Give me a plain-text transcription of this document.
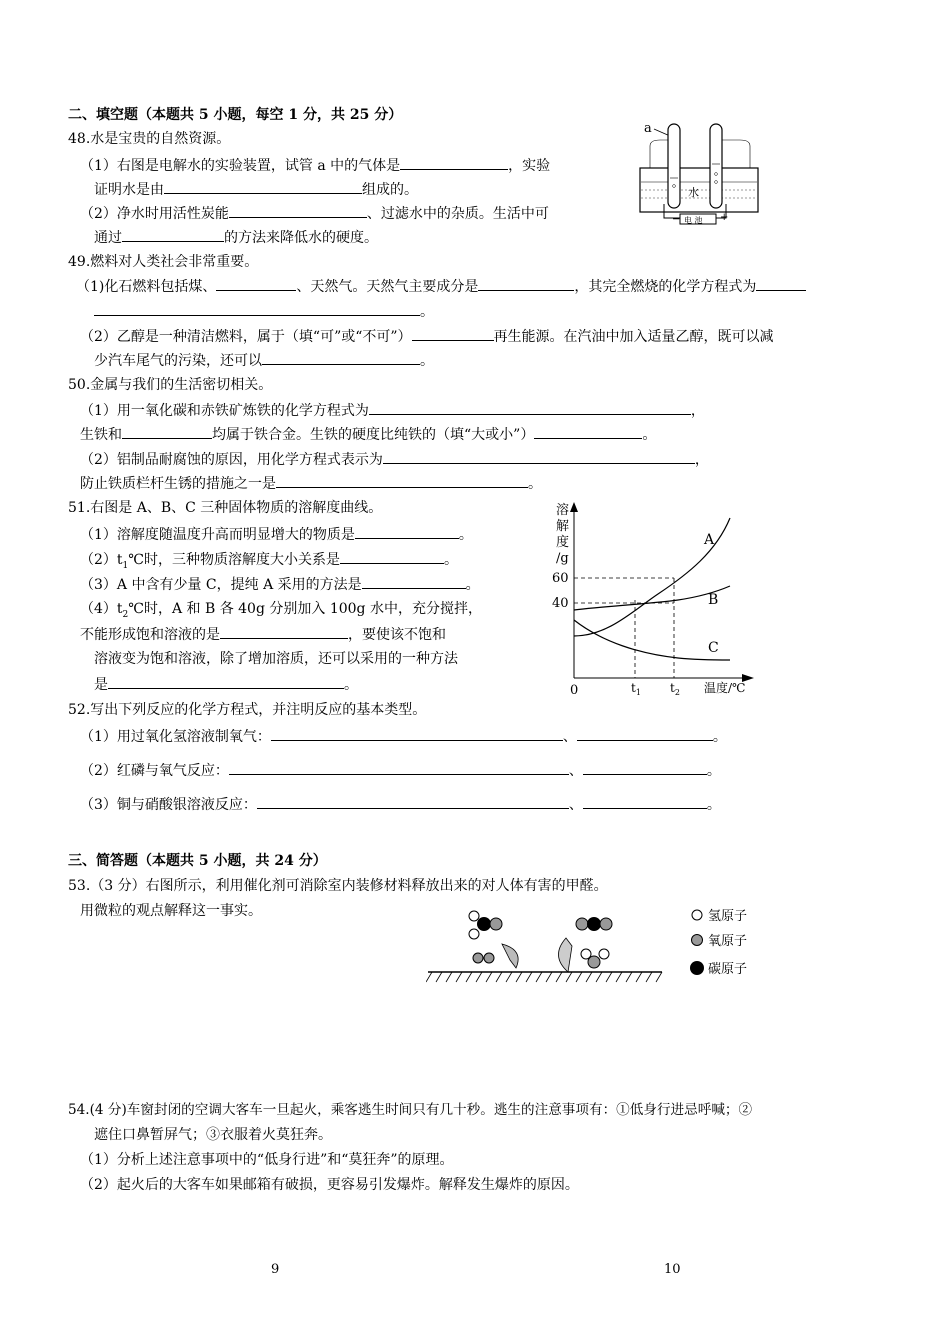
二、填空题（本题共 5 小题，每空 1 分，共 25 分）
48.水是宝贵的自然资源。
（1）右图是电解水的实验装置，试管 a 中的气体是	，实验
证明水是由	组成的。
（2）净水时用活性炭能	、过滤水中的杂质。生活中可
通过	的方法来降低水的硬度。
a
水
电 池
−	+
49.燃料对人类社会非常重要。
（1)化石燃料包括煤、	、天然气。天然气主要成分是	，其完全燃烧的化学方程式为
。
（2）乙醇是一种清洁燃料，属于（填“可”或“不可”）	再生能源。在汽油中加入适量乙醇，既可以减
少汽车尾气的污染，还可以	。
50.金属与我们的生活密切相关。
（1）用一氧化碳和赤铁矿炼铁的化学方程式为	，
生铁和	均属于铁合金。生铁的硬度比纯铁的（填“大或小”）	。
（2）铝制品耐腐蚀的原因，用化学方程式表示为	，
防止铁质栏杆生锈的措施之一是	。
51.右图是 A、B、C 三种固体物质的溶解度曲线。
（1）溶解度随温度升高而明显增大的物质是	。
$(2)t_1℃$时，三种物质溶解度大小关系是	。
（3）A 中含有少量 C，提纯 A 采用的方法是	。
$(4)t_2℃$时，A 和 B 各 40g 分别加入 100g 水中，充分搅拌，
不能形成饱和溶液的是	，要使该不饱和
溶液变为饱和溶液，除了增加溶质，还可以采用的一种方法
是	。
溶
解
度
/g
0
60
40
A
B
C
$t_1$ $t_2$ 温度/℃
52.写出下列反应的化学方程式，并注明反应的基本类型。
（1）用过氧化氢溶液制氧气：	、	。
（2）红磷与氧气反应：	、	。
（3）铜与硝酸银溶液反应：	、	。
三、简答题（本题共 5 小题，共 24 分）
53.（3 分）右图所示，利用催化剂可消除室内装修材料释放出来的对人体有害的甲醛。
用微粒的观点解释这一事实。	氢原子
氧原子
碳原子
54.(4 分)车窗封闭的空调大客车一旦起火，乘客逃生时间只有几十秒。逃生的注意事项有：①低身行进忌呼喊；②
遮住口鼻暂屏气；③衣服着火莫狂奔。
（1）分析上述注意事项中的“低身行进”和“莫狂奔”的原理。
（2）起火后的大客车如果邮箱有破损，更容易引发爆炸。解释发生爆炸的原因。
9	10
